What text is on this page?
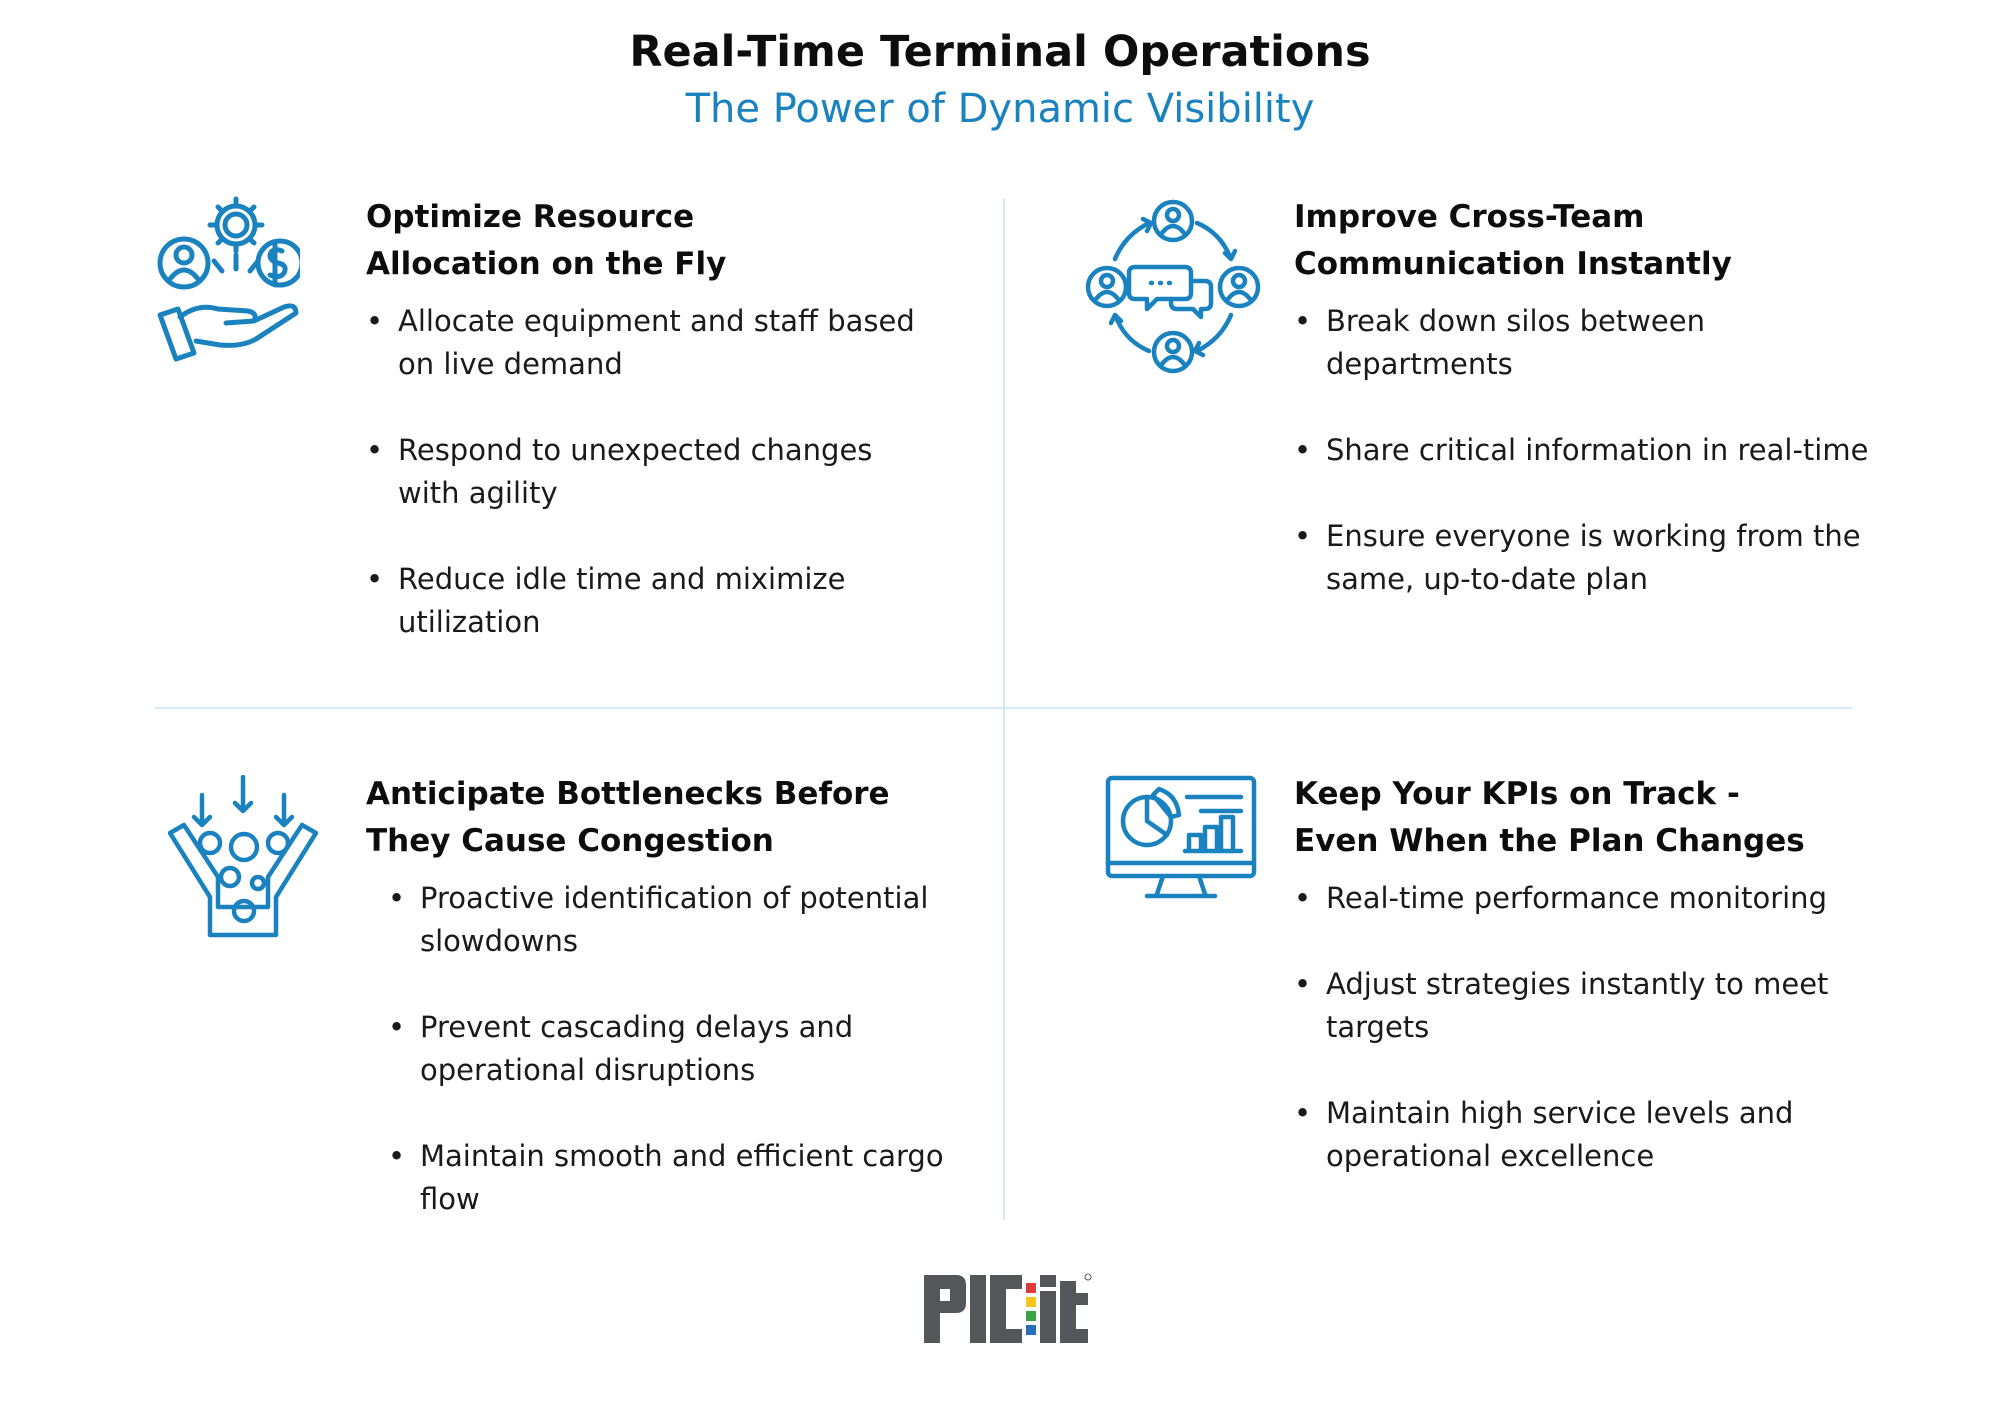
Real-Time Terminal Operations
The Power of Dynamic Visibility
Optimize Resource
Allocation on the Fly
• Allocate equipment and staff based on live demand
• Respond to unexpected changes with agility
• Reduce idle time and miximize utilization
Improve Cross-Team
Communication Instantly
• Break down silos between departments
• Share critical information in real-time
• Ensure everyone is working from the same, up-to-date plan
Anticipate Bottlenecks Before
They Cause Congestion
• Proactive identification of potential slowdowns
• Prevent cascading delays and operational disruptions
• Maintain smooth and efficient cargo flow
Keep Your KPIs on Track -
Even When the Plan Changes
• Real-time performance monitoring
• Adjust strategies instantly to meet targets
• Maintain high service levels and operational excellence
